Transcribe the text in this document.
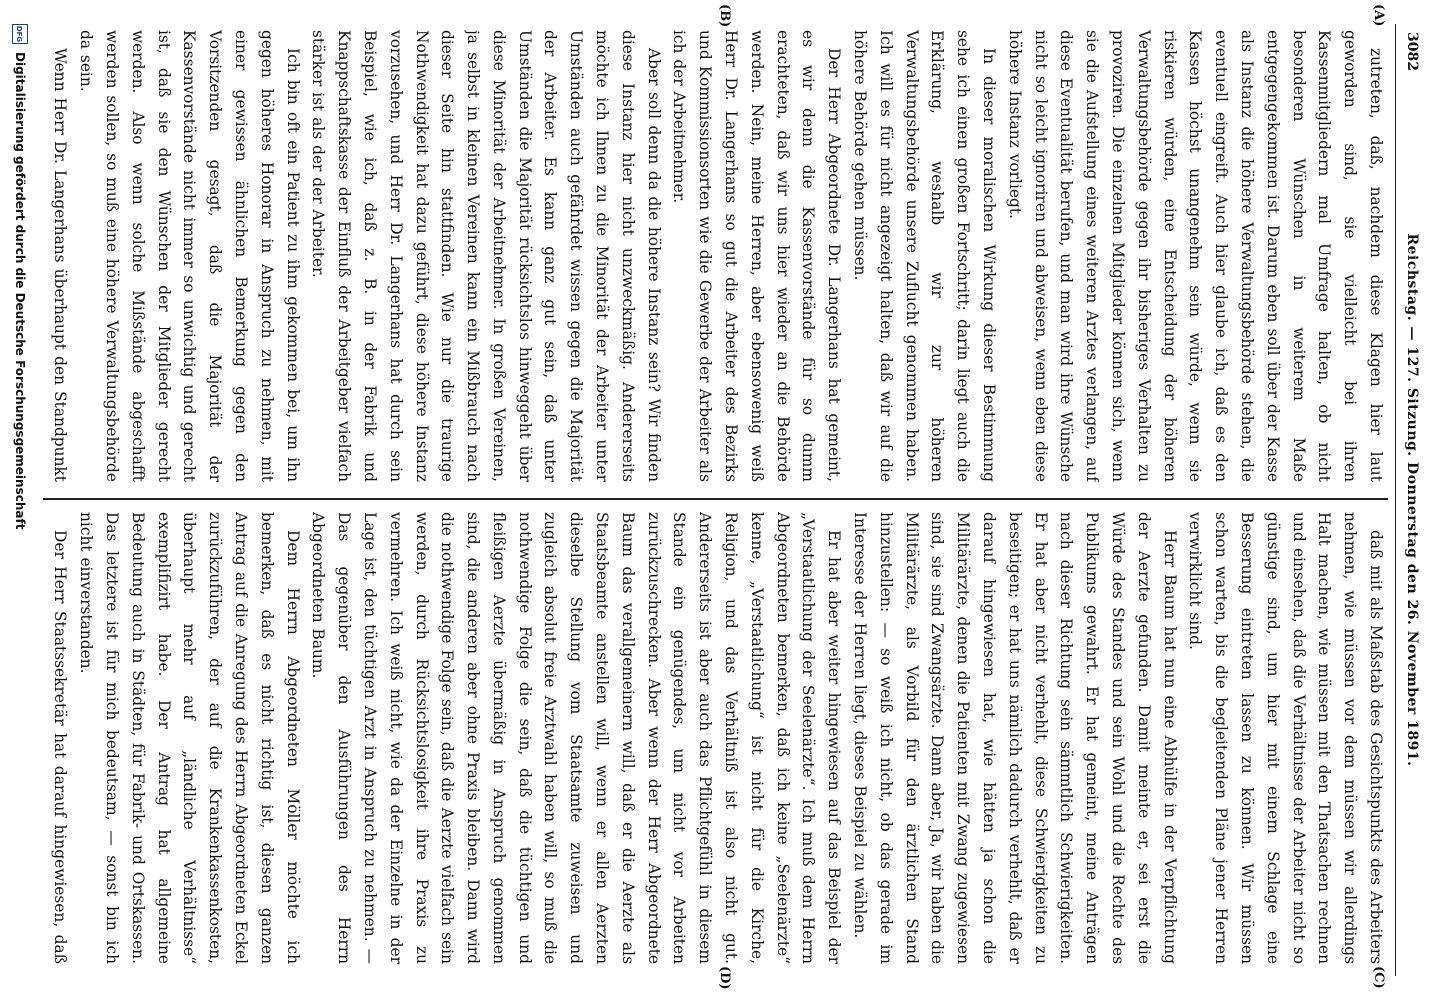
3082
Reichstag. — 127. Sitzung. Donnerstag den 26. November 1891.
(A)
(B)
(C)
(D)

zutreten, daß, nachdem diese Klagen hier laut geworden sind, sie vielleicht bei ihren Kassenmitgliedern mal Umfrage halten, ob nicht besonderen Wünschen in weiterem Maße entgegengekommen ist. Darum eben soll über der Kasse als Instanz die höhere Verwaltungsbehörde stehen, die eventuell eingreift. Auch hier glaube ich, daß es den Kassen höchst unangenehm sein würde, wenn sie riskieren würden, eine Entscheidung der höheren Verwaltungsbehörde gegen ihr bisheriges Verhalten zu provoziren. Die einzelnen Mitglieder können sich, wenn sie die Aufstellung eines weiteren Arztes verlangen, auf diese Eventualität berufen, und man wird ihre Wünsche nicht so leicht ignoriren und abweisen, wenn eben diese höhere Instanz vorliegt.

In dieser moralischen Wirkung dieser Bestimmung sehe ich einen großen Fortschritt; darin liegt auch die Erklärung, weshalb wir zur höheren Verwaltungsbehörde unsere Zuflucht genommen haben. Ich will es für nicht angezeigt halten, daß wir auf die höhere Behörde gehen müssen.

Der Herr Abgeordnete Dr. Langerhans hat gemeint, es wir denn die Kassenvorstände für so dumm erachteten, daß wir uns hier wieder an die Behörde werden. Nein, meine Herren, aber ebensowenig weiß Herr Dr. Langerhans so gut die Arbeiter des Bezirks und Kommissionsorten wie die Gewerbe der Arbeiter als ich der Arbeitnehmer.

Aber soll denn da die höhere Instanz sein? Wir finden diese Instanz hier nicht unzweckmäßig. Andererseits möchte ich Ihnen zu die Minorität der Arbeiter unter Umständen auch gefährdet wissen gegen die Majorität der Arbeiter. Es kann ganz gut sein, daß unter Umständen die Majorität rücksichtslos hinweggeht über diese Minorität der Arbeitnehmer. In großen Vereinen, ja selbst in kleinen Vereinen kann ein Mißbrauch nach dieser Seite hin stattfinden. Wie nur die traurige Nothwendigkeit hat dazu geführt, diese höhere Instanz vorzusehen, und Herr Dr. Langerhans hat durch sein Beispiel, wie ich, daß z. B. in der Fabrik und Knappschaftskasse der Einfluß der Arbeitgeber vielfach stärker ist als der der Arbeiter.

Ich bin oft ein Patient zu ihm gekommen bei, um ihn gegen höheres Honorar in Anspruch zu nehmen, mit einer gewissen ähnlichen Bemerkung gegen den Vorsitzenden gesagt, daß die Majorität der Kassenvorstände nicht immer so unwichtig und gerecht ist, daß sie den Wünschen der Mitglieder gerecht werden. Also wenn solche Mißstände abgeschafft werden sollen, so muß eine höhere Verwaltungsbehörde da sein.

Wenn Herr Dr. Langerhans überhaupt den Standpunkt

daß mit als Maßstab des Gesichtspunkts des Arbeiters nehmen, wie müssen vor dem müssen wir allerdings Halt machen, wie müssen mit den Thatsachen rechnen und einsehen, daß die Verhältnisse der Arbeiter nicht so günstige sind, um hier mit einem Schlage eine Besserung eintreten lassen zu können. Wir müssen schon warten, bis die begleitenden Pläne jener Herren verwirklicht sind.

Herr Baum hat nun eine Abhülfe in der Verpflichtung der Aerzte gefunden. Damit meinte er, sei erst die Würde des Standes und sein Wohl und die Rechte des Publikums gewahrt. Er hat gemeint, meine Anträgen nach dieser Richtung sein sämmtlich Schwierigkeiten. Er hat aber nicht verhehlt, diese Schwierigkeiten zu beseitigen; er hat uns nämlich dadurch verhehlt, daß er darauf hingewiesen hat, wie hätten ja schon die Militärärzte, denen die Patienten mit Zwang zugewiesen sind, sie sind Zwangsärzte. Dann aber, Ja, wir haben die Militärärzte, als Vorbild für den ärztlichen Stand hinzustellen: — so weiß ich nicht, ob das gerade im Interesse der Herren liegt, dieses Beispiel zu wählen.

Er hat aber weiter hingewiesen auf das Beispiel der „Verstaatlichung der Seelenärzte“. Ich muß dem Herrn Abgeordneten bemerken, daß ich keine „Seelenärzte“ kenne, „Verstaatlichung“ ist nicht für die Kirche, Religion, und das Verhältniß ist also nicht gut. Andererseits ist aber auch das Pflichtgefühl in diesem Stande ein genügendes, um nicht vor Arbeiten zurückzuschrecken. Aber wenn der Herr Abgeordnete Baum das verallgemeinern will, daß er die Aerzte als Staatsbeamte anstellen will, wenn er allen Aerzten dieselbe Stellung vom Staatsamte zuweisen und zugleich absolut freie Arztwahl haben will, so muß die nothwendige Folge die sein, daß die tüchtigen und fleißigen Aerzte übermäßig in Anspruch genommen sind, die anderen aber ohne Praxis bleiben. Dann wird die nothwendige Folge sein, daß die Aerzte vielfach sein werden, durch Rücksichtslosigkeit ihre Praxis zu vermehren. Ich weiß nicht, wie da der Einzelne in der Lage ist, den tüchtigen Arzt in Anspruch zu nehmen. — Das gegenüber den Ausführungen des Herrn Abgeordneten Baum.

Dem Herrn Abgeordneten Möller möchte ich bemerken, daß es nicht richtig ist, diesen ganzen Antrag auf die Anregung des Herrn Abgeordneten Eckel zurückzuführen, der auf die Krankenkassenkosten, überhaupt mehr auf „ländliche Verhältnisse“ exemplifizirt habe. Der Antrag hat allgemeine Bedeutung auch in Städten, für Fabrik- und Ortskassen. Das letztere ist für mich bedeutsam, — sonst bin ich nicht einverstanden.

Der Herr Staatssekretär hat darauf hingewiesen, daß

DFG
Digitalisierung gefördert durch die Deutsche Forschungsgemeinschaft
